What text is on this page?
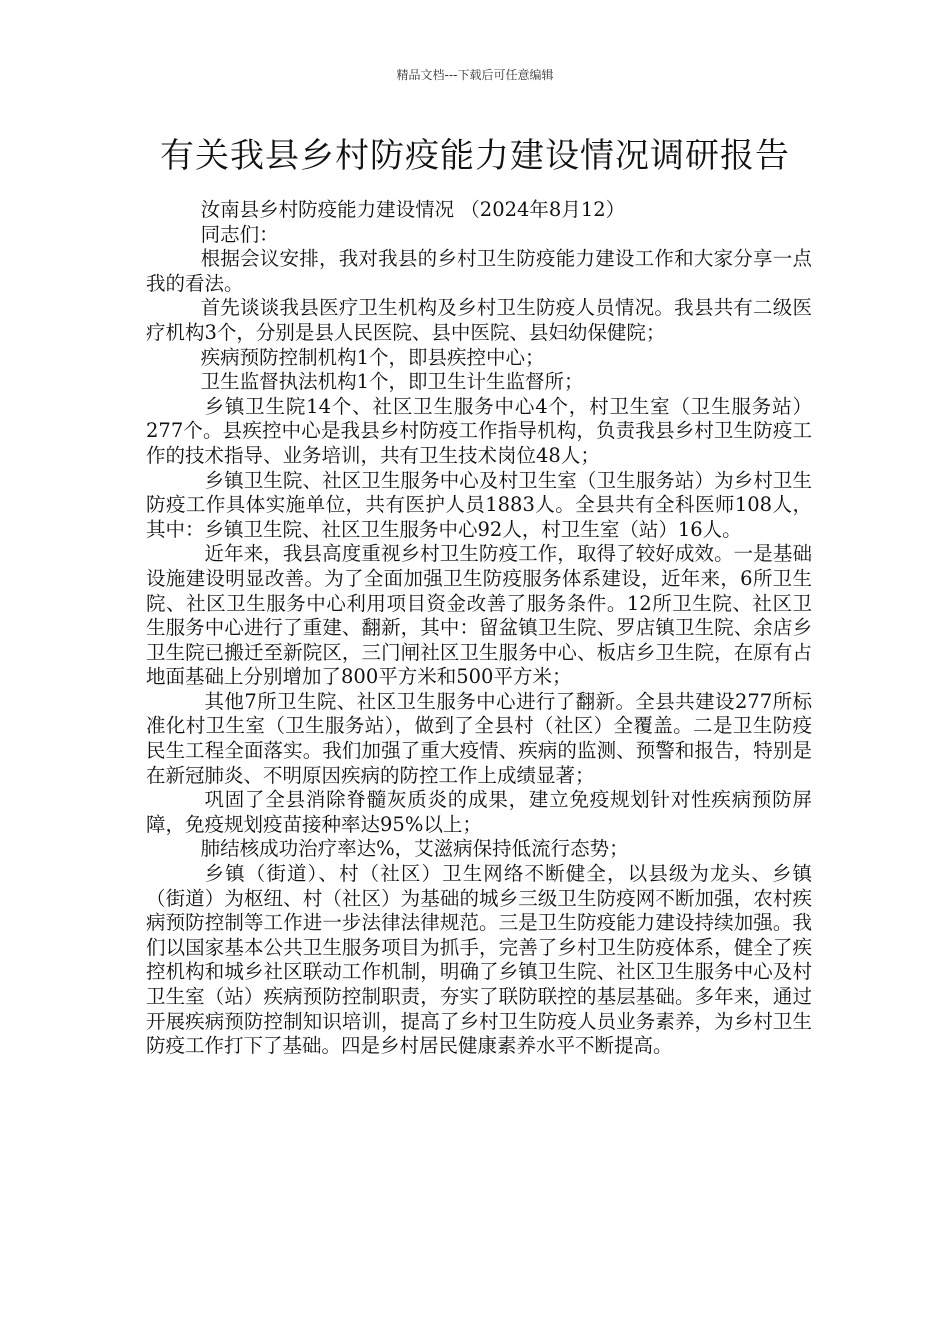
精品文档---下载后可任意编辑
有关我县乡村防疫能力建设情况调研报告

汝南县乡村防疫能力建设情况 （2024年8月12）

同志们：

根据会议安排，我对我县的乡村卫生防疫能力建设工作和大家分享一点我的看法。

首先谈谈我县医疗卫生机构及乡村卫生防疫人员情况。我县共有二级医疗机构3个，分别是县人民医院、县中医院、县妇幼保健院；

疾病预防控制机构1个，即县疾控中心；

卫生监督执法机构1个，即卫生计生监督所；

乡镇卫生院14个、社区卫生服务中心4个，村卫生室（卫生服务站）277个。县疾控中心是我县乡村防疫工作指导机构，负责我县乡村卫生防疫工作的技术指导、业务培训，共有卫生技术岗位48人；

乡镇卫生院、社区卫生服务中心及村卫生室（卫生服务站）为乡村卫生防疫工作具体实施单位，共有医护人员1883人。全县共有全科医师108人，其中：乡镇卫生院、社区卫生服务中心92人，村卫生室（站）16人。

近年来，我县高度重视乡村卫生防疫工作，取得了较好成效。一是基础设施建设明显改善。为了全面加强卫生防疫服务体系建设，近年来，6所卫生院、社区卫生服务中心利用项目资金改善了服务条件。12所卫生院、社区卫生服务中心进行了重建、翻新，其中：留盆镇卫生院、罗店镇卫生院、余店乡卫生院已搬迁至新院区，三门闸社区卫生服务中心、板店乡卫生院，在原有占地面基础上分别增加了800平方米和500平方米；

其他7所卫生院、社区卫生服务中心进行了翻新。全县共建设277所标准化村卫生室（卫生服务站），做到了全县村（社区）全覆盖。二是卫生防疫民生工程全面落实。我们加强了重大疫情、疾病的监测、预警和报告，特别是在新冠肺炎、不明原因疾病的防控工作上成绩显著；

巩固了全县消除脊髓灰质炎的成果，建立免疫规划针对性疾病预防屏障，免疫规划疫苗接种率达95%以上；

肺结核成功治疗率达%，艾滋病保持低流行态势；

乡镇（街道）、村（社区）卫生网络不断健全，以县级为龙头、乡镇（街道）为枢纽、村（社区）为基础的城乡三级卫生防疫网不断加强，农村疾病预防控制等工作进一步法律法律规范。三是卫生防疫能力建设持续加强。我们以国家基本公共卫生服务项目为抓手，完善了乡村卫生防疫体系，健全了疾控机构和城乡社区联动工作机制，明确了乡镇卫生院、社区卫生服务中心及村卫生室（站）疾病预防控制职责，夯实了联防联控的基层基础。多年来，通过开展疾病预防控制知识培训，提高了乡村卫生防疫人员业务素养，为乡村卫生防疫工作打下了基础。四是乡村居民健康素养水平不断提高。
